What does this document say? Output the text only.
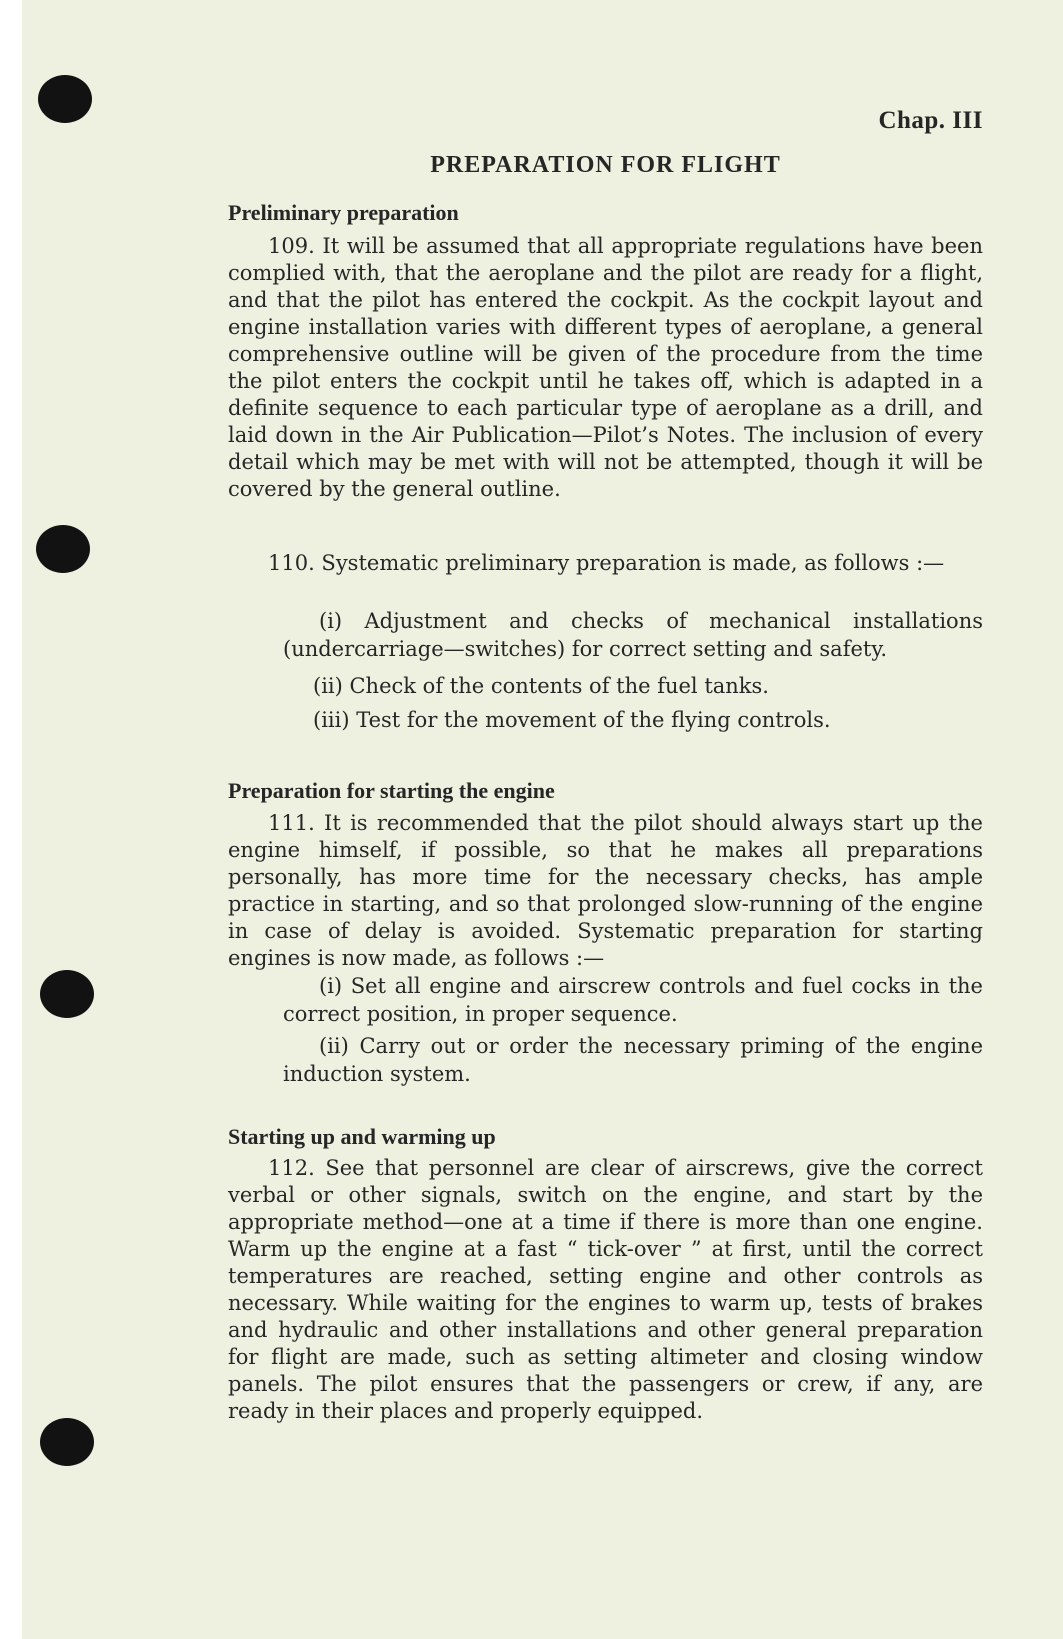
Chap. III
PREPARATION FOR FLIGHT
Preliminary preparation

109. It will be assumed that all appropriate regulations have been complied with, that the aeroplane and the pilot are ready for a flight, and that the pilot has entered the cockpit. As the cockpit layout and engine installation varies with different types of aeroplane, a general comprehensive outline will be given of the procedure from the time the pilot enters the cockpit until he takes off, which is adapted in a definite sequence to each particular type of aeroplane as a drill, and laid down in the Air Publication—Pilot’s Notes. The inclusion of every detail which may be met with will not be attempted, though it will be covered by the general outline.

110. Systematic preliminary preparation is made, as follows :—

(i) Adjustment and checks of mechanical installations (undercarriage—switches) for correct setting and safety.

(ii) Check of the contents of the fuel tanks.

(iii) Test for the movement of the flying controls.

Preparation for starting the engine

111. It is recommended that the pilot should always start up the engine himself, if possible, so that he makes all preparations personally, has more time for the necessary checks, has ample practice in starting, and so that prolonged slow-running of the engine in case of delay is avoided. Systematic preparation for starting engines is now made, as follows :—

(i) Set all engine and airscrew controls and fuel cocks in the correct position, in proper sequence.

(ii) Carry out or order the necessary priming of the engine induction system.

Starting up and warming up

112. See that personnel are clear of airscrews, give the correct verbal or other signals, switch on the engine, and start by the appropriate method—one at a time if there is more than one engine. Warm up the engine at a fast “ tick-over ” at first, until the correct temperatures are reached, setting engine and other controls as necessary. While waiting for the engines to warm up, tests of brakes and hydraulic and other installations and other general preparation for flight are made, such as setting altimeter and closing window panels. The pilot ensures that the passengers or crew, if any, are ready in their places and properly equipped.
